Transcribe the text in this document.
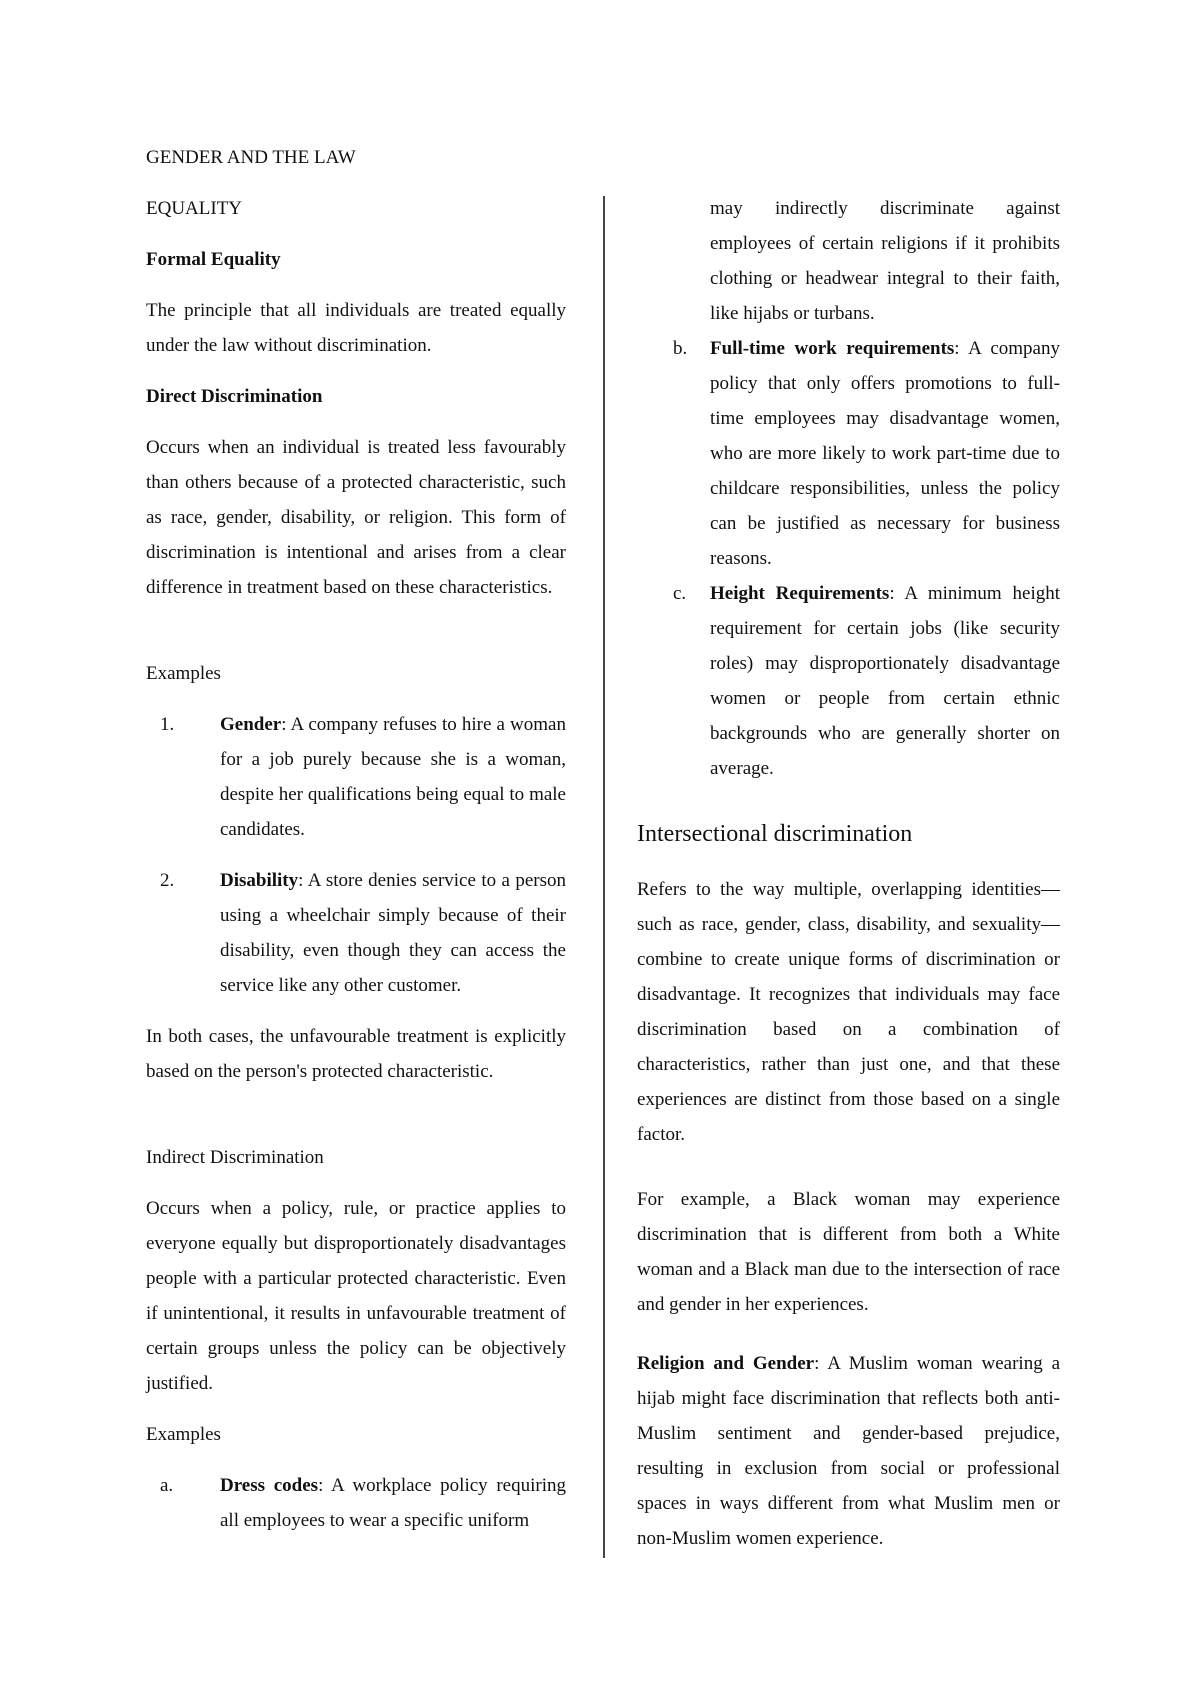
GENDER AND THE LAW
EQUALITY
Formal Equality

The principle that all individuals are treated equally under the law without discrimination.

Direct Discrimination

Occurs when an individual is treated less favourably than others because of a protected characteristic, such as race, gender, disability, or religion. This form of discrimination is intentional and arises from a clear difference in treatment based on these characteristics.

Examples
1. Gender: A company refuses to hire a woman for a job purely because she is a woman, despite her qualifications being equal to male candidates.

2. Disability: A store denies service to a person using a wheelchair simply because of their disability, even though they can access the service like any other customer.

In both cases, the unfavourable treatment is explicitly based on the person's protected characteristic.

Indirect Discrimination

Occurs when a policy, rule, or practice applies to everyone equally but disproportionately disadvantages people with a particular protected characteristic. Even if unintentional, it results in unfavourable treatment of certain groups unless the policy can be objectively justified.

Examples
a. Dress codes: A workplace policy requiring all employees to wear a specific uniform

may indirectly discriminate against employees of certain religions if it prohibits clothing or headwear integral to their faith, like hijabs or turbans.

b. Full-time work requirements: A company policy that only offers promotions to full-time employees may disadvantage women, who are more likely to work part-time due to childcare responsibilities, unless the policy can be justified as necessary for business reasons.

c. Height Requirements: A minimum height requirement for certain jobs (like security roles) may disproportionately disadvantage women or people from certain ethnic backgrounds who are generally shorter on average.

Intersectional discrimination

Refers to the way multiple, overlapping identities—such as race, gender, class, disability, and sexuality—combine to create unique forms of discrimination or disadvantage. It recognizes that individuals may face discrimination based on a combination of characteristics, rather than just one, and that these experiences are distinct from those based on a single factor.

For example, a Black woman may experience discrimination that is different from both a White woman and a Black man due to the intersection of race and gender in her experiences.

Religion and Gender: A Muslim woman wearing a hijab might face discrimination that reflects both anti-Muslim sentiment and gender-based prejudice, resulting in exclusion from social or professional spaces in ways different from what Muslim men or non-Muslim women experience.
